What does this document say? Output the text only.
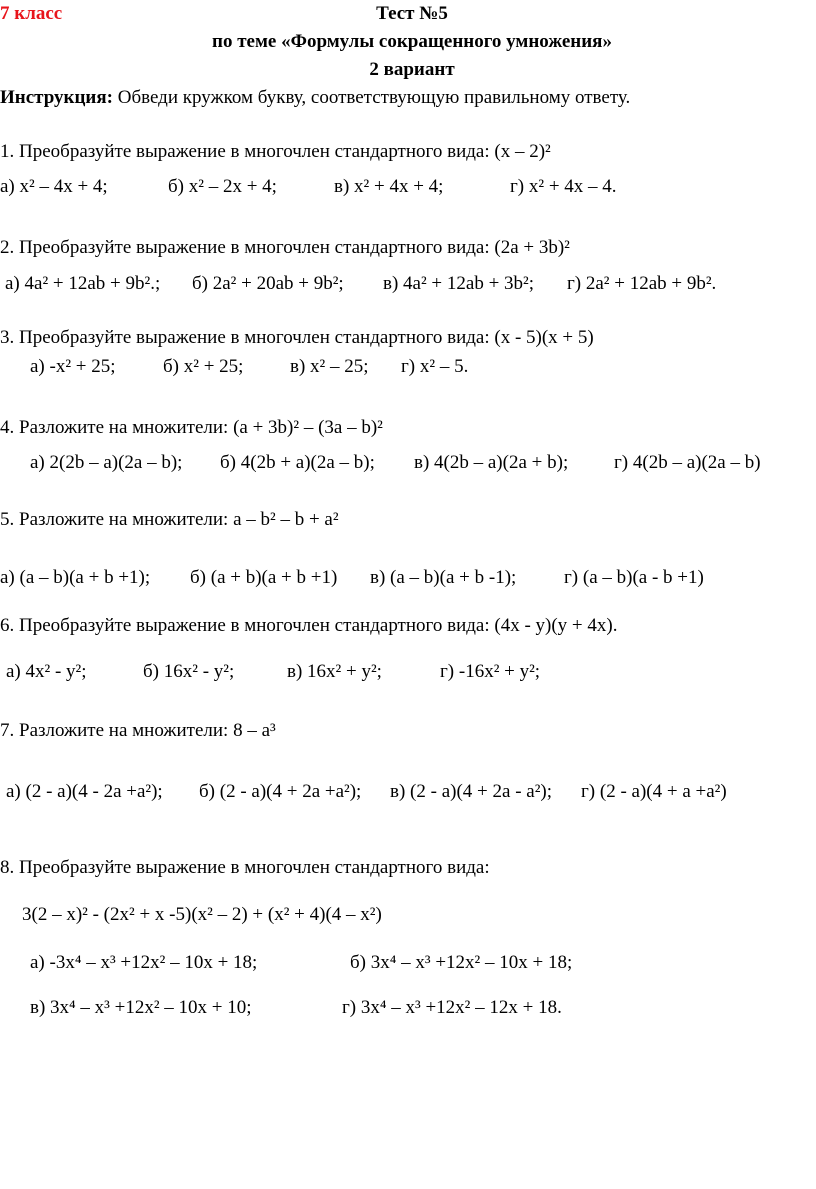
7 класс	Тест №5
по теме «Формулы сокращенного умножения»
2 вариант
Инструкция: Обведи кружком букву, соответствующую правильному ответу.
1. Преобразуйте выражение в многочлен стандартного вида: (x – 2)²
а) x² – 4x + 4;	б) x² – 2x + 4;	в) x² + 4x + 4;	г) x² + 4x – 4.
2. Преобразуйте выражение в многочлен стандартного вида: (2a + 3b)²
а) 4a² + 12ab + 9b².; б) 2a² + 20ab + 9b²; в) 4a² + 12ab + 3b²; г) 2a² + 12ab + 9b².
3. Преобразуйте выражение в многочлен стандартного вида: (x - 5)(x + 5)
а) -x² + 25; б) x² + 25; в) x² – 25; г) x² – 5.
4. Разложите на множители: (a + 3b)² – (3a – b)²
а) 2(2b – a)(2a – b); б) 4(2b + a)(2a – b); в) 4(2b – a)(2a + b); г) 4(2b – a)(2a – b)
5. Разложите на множители: a – b² – b + a²
а) (a – b)(a + b +1); б) (a + b)(a + b +1) в) (a – b)(a + b -1);	г) (a – b)(a - b +1)
6. Преобразуйте выражение в многочлен стандартного вида: (4x - y)(y + 4x).
а) 4x² - y²;	б) 16x² - y²;	в) 16x² + y²;	г) -16x² + y²;
7. Разложите на множители: 8 – a³
а) (2 - a)(4 - 2a +a²); б) (2 - a)(4 + 2a +a²); в) (2 - a)(4 + 2a - a²); г) (2 - a)(4 + a +a²)
8. Преобразуйте выражение в многочлен стандартного вида:
3(2 – x)² - (2x² + x -5)(x² – 2) + (x² + 4)(4 – x²)
а) -3x⁴ – x³ +12x² – 10x + 18;	б) 3x⁴ – x³ +12x² – 10x + 18;
в) 3x⁴ – x³ +12x² – 10x + 10;	г) 3x⁴ – x³ +12x² – 12x + 18.
